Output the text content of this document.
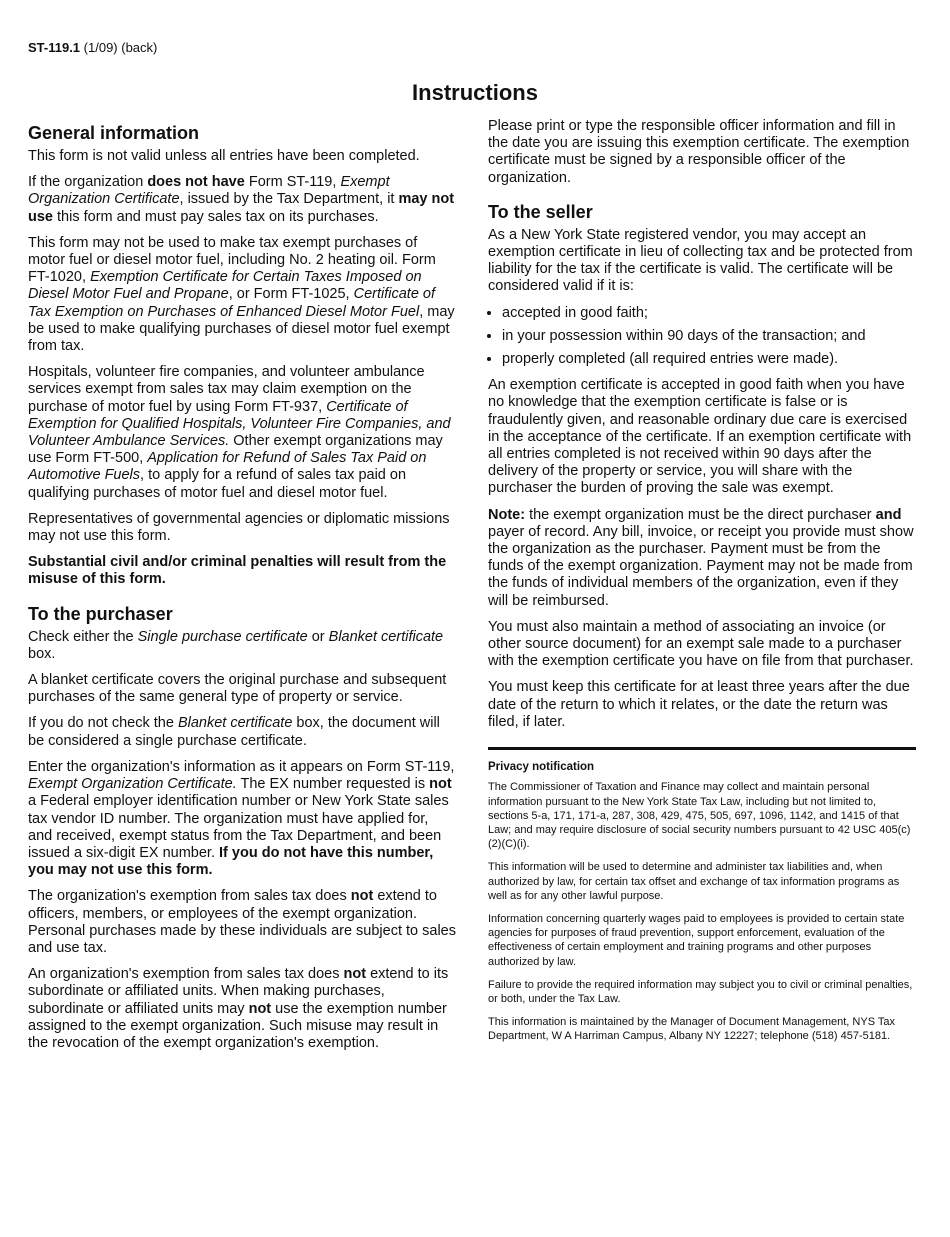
ST-119.1 (1/09) (back)
Instructions
General information

This form is not valid unless all entries have been completed.

If the organization does not have Form ST-119, Exempt Organization Certificate, issued by the Tax Department, it may not use this form and must pay sales tax on its purchases.

This form may not be used to make tax exempt purchases of motor fuel or diesel motor fuel, including No. 2 heating oil. Form FT-1020, Exemption Certificate for Certain Taxes Imposed on Diesel Motor Fuel and Propane, or Form FT-1025, Certificate of Tax Exemption on Purchases of Enhanced Diesel Motor Fuel, may be used to make qualifying purchases of diesel motor fuel exempt from tax.

Hospitals, volunteer fire companies, and volunteer ambulance services exempt from sales tax may claim exemption on the purchase of motor fuel by using Form FT-937, Certificate of Exemption for Qualified Hospitals, Volunteer Fire Companies, and Volunteer Ambulance Services. Other exempt organizations may use Form FT-500, Application for Refund of Sales Tax Paid on Automotive Fuels, to apply for a refund of sales tax paid on qualifying purchases of motor fuel and diesel motor fuel.

Representatives of governmental agencies or diplomatic missions may not use this form.

Substantial civil and/or criminal penalties will result from the misuse of this form.

To the purchaser

Check either the Single purchase certificate or Blanket certificate box.

A blanket certificate covers the original purchase and subsequent purchases of the same general type of property or service.

If you do not check the Blanket certificate box, the document will be considered a single purchase certificate.

Enter the organization's information as it appears on Form ST-119, Exempt Organization Certificate. The EX number requested is not a Federal employer identification number or New York State sales tax vendor ID number. The organization must have applied for, and received, exempt status from the Tax Department, and been issued a six-digit EX number. If you do not have this number, you may not use this form.

The organization's exemption from sales tax does not extend to officers, members, or employees of the exempt organization. Personal purchases made by these individuals are subject to sales and use tax.

An organization's exemption from sales tax does not extend to its subordinate or affiliated units. When making purchases, subordinate or affiliated units may not use the exemption number assigned to the exempt organization. Such misuse may result in the revocation of the exempt organization's exemption.

Please print or type the responsible officer information and fill in the date you are issuing this exemption certificate. The exemption certificate must be signed by a responsible officer of the organization.

To the seller

As a New York State registered vendor, you may accept an exemption certificate in lieu of collecting tax and be protected from liability for the tax if the certificate is valid. The certificate will be considered valid if it is:

• accepted in good faith;
• in your possession within 90 days of the transaction; and
• properly completed (all required entries were made).

An exemption certificate is accepted in good faith when you have no knowledge that the exemption certificate is false or is fraudulently given, and reasonable ordinary due care is exercised in the acceptance of the certificate. If an exemption certificate with all entries completed is not received within 90 days after the delivery of the property or service, you will share with the purchaser the burden of proving the sale was exempt.

Note: the exempt organization must be the direct purchaser and payer of record. Any bill, invoice, or receipt you provide must show the organization as the purchaser. Payment must be from the funds of the exempt organization. Payment may not be made from the funds of individual members of the organization, even if they will be reimbursed.

You must also maintain a method of associating an invoice (or other source document) for an exempt sale made to a purchaser with the exemption certificate you have on file from that purchaser.

You must keep this certificate for at least three years after the due date of the return to which it relates, or the date the return was filed, if later.

Privacy notification

The Commissioner of Taxation and Finance may collect and maintain personal information pursuant to the New York State Tax Law, including but not limited to, sections 5-a, 171, 171-a, 287, 308, 429, 475, 505, 697, 1096, 1142, and 1415 of that Law; and may require disclosure of social security numbers pursuant to 42 USC 405(c)(2)(C)(i).

This information will be used to determine and administer tax liabilities and, when authorized by law, for certain tax offset and exchange of tax information programs as well as for any other lawful purpose.

Information concerning quarterly wages paid to employees is provided to certain state agencies for purposes of fraud prevention, support enforcement, evaluation of the effectiveness of certain employment and training programs and other purposes authorized by law.

Failure to provide the required information may subject you to civil or criminal penalties, or both, under the Tax Law.

This information is maintained by the Manager of Document Management, NYS Tax Department, W A Harriman Campus, Albany NY 12227; telephone (518) 457-5181.
